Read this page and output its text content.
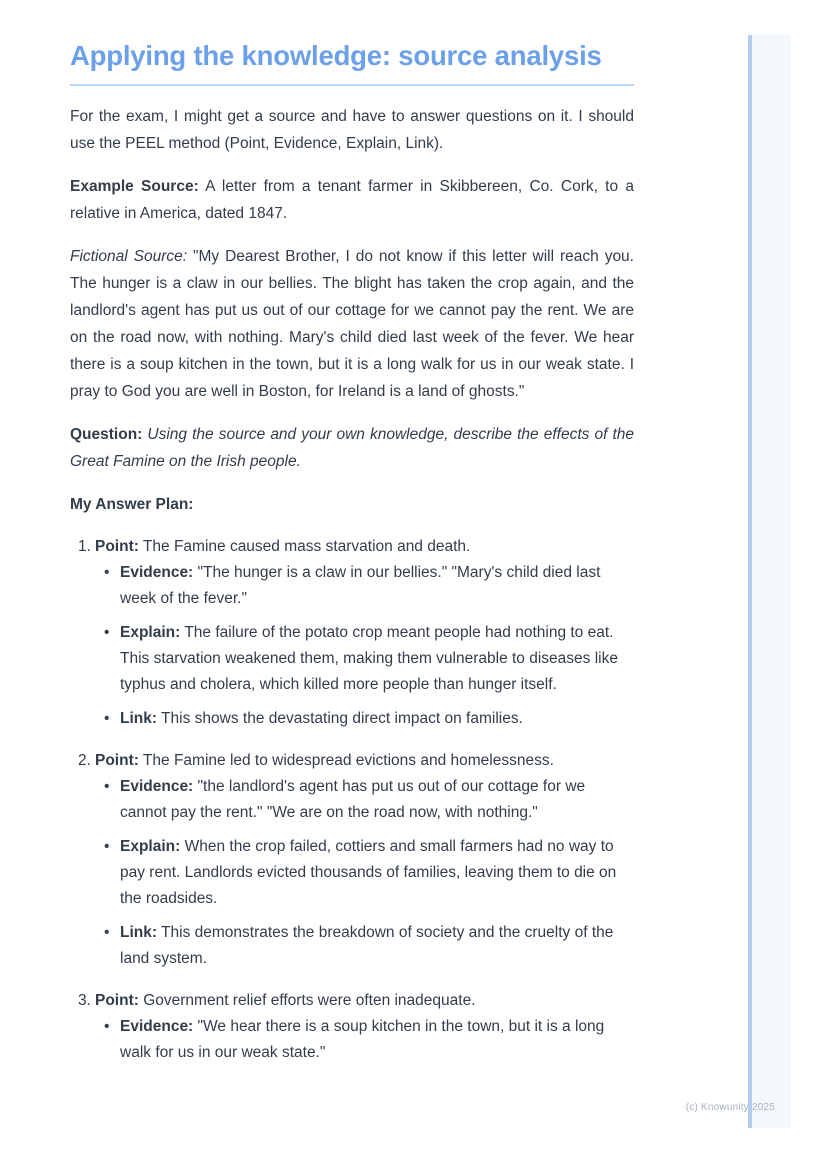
Applying the knowledge: source analysis

For the exam, I might get a source and have to answer questions on it. I should use the PEEL method (Point, Evidence, Explain, Link).

Example Source: A letter from a tenant farmer in Skibbereen, Co. Cork, to a relative in America, dated 1847.

Fictional Source: "My Dearest Brother, I do not know if this letter will reach you. The hunger is a claw in our bellies. The blight has taken the crop again, and the landlord's agent has put us out of our cottage for we cannot pay the rent. We are on the road now, with nothing. Mary's child died last week of the fever. We hear there is a soup kitchen in the town, but it is a long walk for us in our weak state. I pray to God you are well in Boston, for Ireland is a land of ghosts."

Question: Using the source and your own knowledge, describe the effects of the Great Famine on the Irish people.

My Answer Plan:

1. Point: The Famine caused mass starvation and death.
• Evidence: "The hunger is a claw in our bellies." "Mary's child died last week of the fever."
• Explain: The failure of the potato crop meant people had nothing to eat. This starvation weakened them, making them vulnerable to diseases like typhus and cholera, which killed more people than hunger itself.
• Link: This shows the devastating direct impact on families.
2. Point: The Famine led to widespread evictions and homelessness.
• Evidence: "the landlord's agent has put us out of our cottage for we cannot pay the rent." "We are on the road now, with nothing."
• Explain: When the crop failed, cottiers and small farmers had no way to pay rent. Landlords evicted thousands of families, leaving them to die on the roadsides.
• Link: This demonstrates the breakdown of society and the cruelty of the land system.
3. Point: Government relief efforts were often inadequate.
• Evidence: "We hear there is a soup kitchen in the town, but it is a long walk for us in our weak state."
(c) Knowunity 2025
